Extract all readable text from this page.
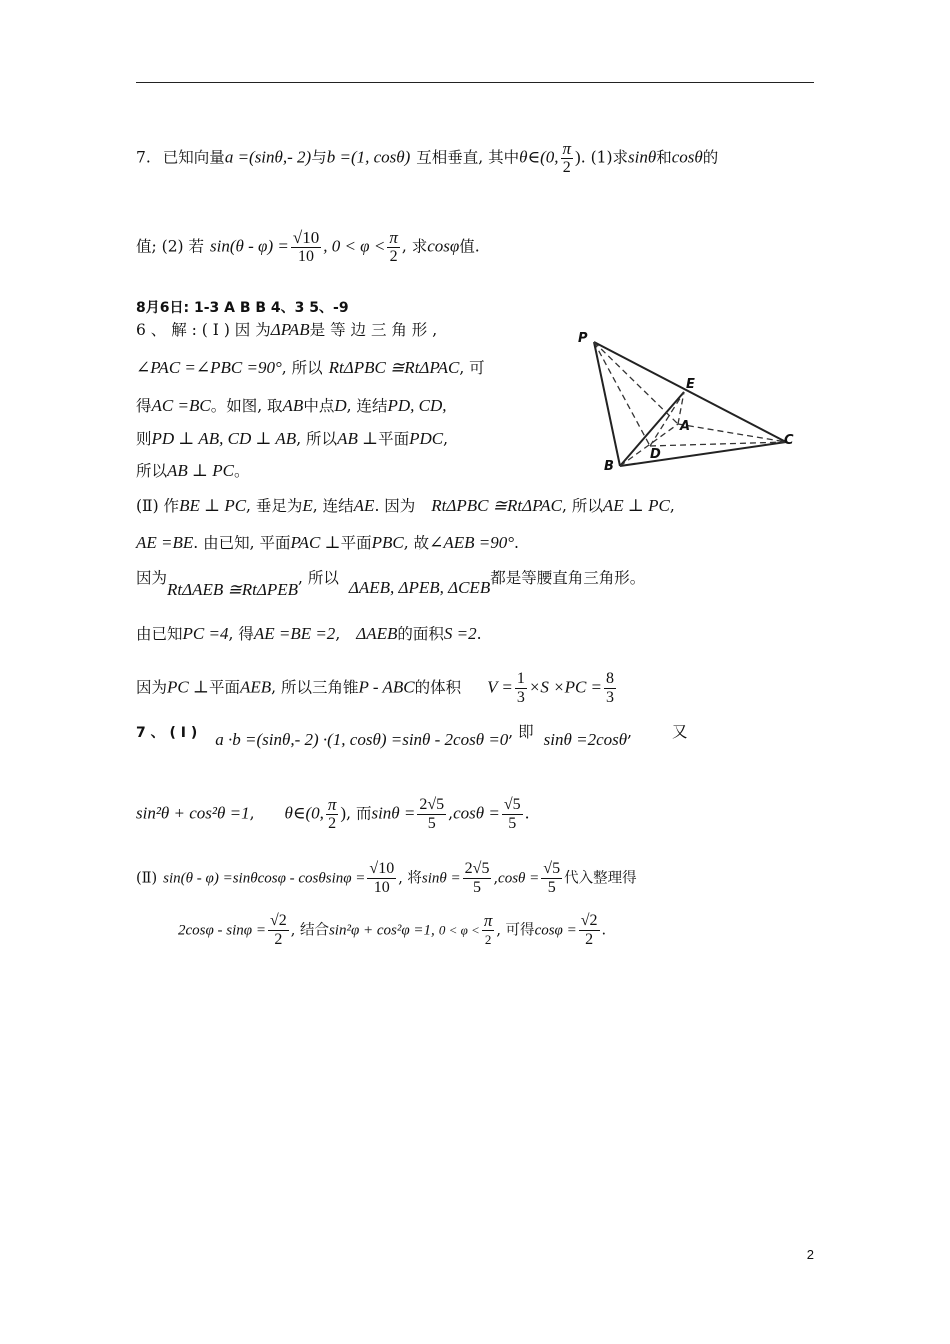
7. 已知向量a =(sinθ,- 2)与b =(1, cosθ) 互相垂直, 其中θ∈(0, $\frac{\pi}{2}$ ). (1)求sinθ和cosθ的
值; (2) 若 $\sin(\theta - \varphi) = \frac{√10}{10}$ , $0 < \varphi < \frac{\pi}{2}$ , 求cosφ值.
8月6日: 1-3 A B B 4、3 5、-9
6 、 解 : ( Ⅰ ) 因 为ΔPAB是 等 边 三 角 形 ,
∠PAC =∠PBC =90°, 所以 RtΔPBC ≅RtΔPAC, 可
得AC =BC。如图, 取AB中点D, 连结PD, CD,
则PD ⊥ AB, CD ⊥ AB, 所以AB ⊥平面PDC,
所以AB ⊥ PC。
(Ⅱ) 作BE ⊥ PC, 垂足为E, 连结AE. 因为 RtΔPBC ≅RtΔPAC, 所以AE ⊥ PC,
AE =BE. 由已知, 平面PAC ⊥平面PBC, 故∠AEB =90°.
因为RtΔAEB ≅RtΔPEB, 所以 ΔAEB, ΔPEB, ΔCEB都是等腰直角三角形。
由已知PC =4, 得AE =BE =2, ΔAEB的面积S =2.
因为PC ⊥平面AEB, 所以三角锥P - ABC的体积 $V = \frac{1}{3} \times S \times PC = \frac{8}{3}$
7 、 ( Ⅰ ) a ·b =(sinθ,- 2) ·(1, cosθ) =sinθ - 2cosθ =0, 即 sinθ =2cosθ,	又
sin²θ + cos²θ =1, θ∈(0, $\frac{\pi}{2}$ ), 而$\sin\theta = \frac{2√5}{5} ,\cos\theta = \frac{√5}{5}$ .
(Ⅱ) $\sin(\theta - \varphi) =\sin\theta\cos\varphi - \cos\theta\sin\varphi = \frac{√10}{10}$ , 将$\sin\theta = \frac{2√5}{5} ,\cos\theta = \frac{√5}{5}$ 代入整理得
$2\cos\varphi - \sin\varphi = \frac{√2}{2}$ , 结合sin²φ + cos²φ =1, $0 < \varphi < \frac{\pi}{2}$ , 可得$\cos\varphi = \frac{√2}{2}$ .
P
E
A
D
B
C
2
